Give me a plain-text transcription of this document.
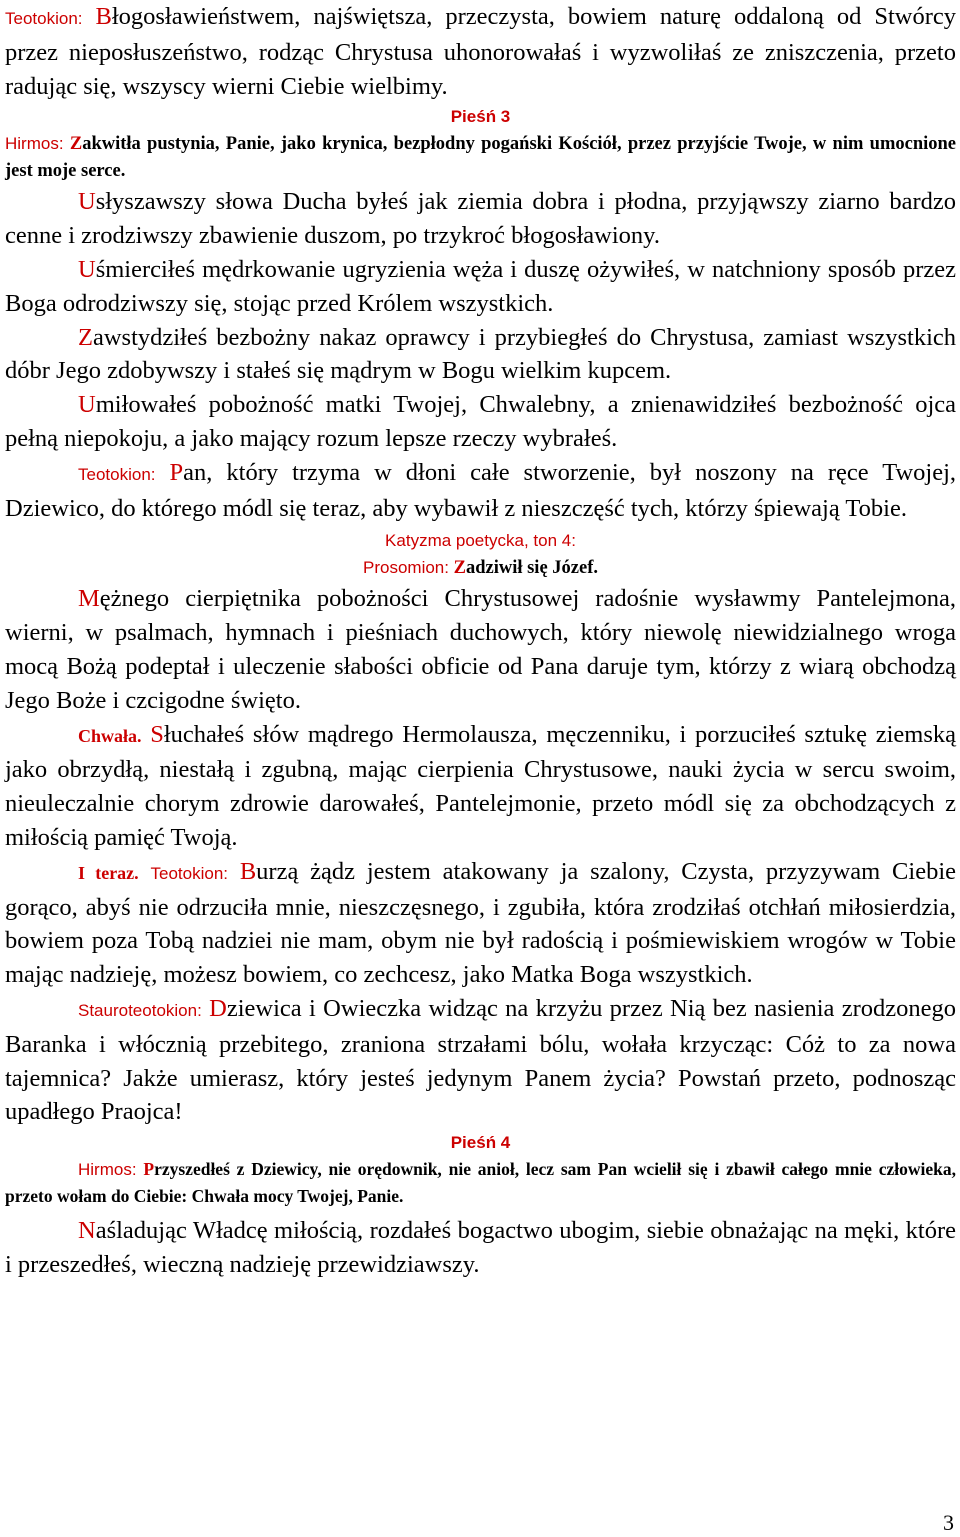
Teotokion: Błogosławieństwem, najświętsza, przeczysta, bowiem naturę oddaloną od Stwórcy przez nieposłuszeństwo, rodząc Chrystusa uhonorowałaś i wyzwoliłaś ze zniszczenia, przeto radując się, wszyscy wierni Ciebie wielbimy.

Pieśń 3

Hirmos: Zakwitła pustynia, Panie, jako krynica, bezpłodny pogański Kościół, przez przyjście Twoje, w nim umocnione jest moje serce.

Usłyszawszy słowa Ducha byłeś jak ziemia dobra i płodna, przyjąwszy ziarno bardzo cenne i zrodziwszy zbawienie duszom, po trzykroć błogosławiony.

Uśmierciłeś mędrkowanie ugryzienia węża i duszę ożywiłeś, w natchniony sposób przez Boga odrodziwszy się, stojąc przed Królem wszystkich.

Zawstydziłeś bezbożny nakaz oprawcy i przybiegłeś do Chrystusa, zamiast wszystkich dóbr Jego zdobywszy i stałeś się mądrym w Bogu wielkim kupcem.

Umiłowałeś pobożność matki Twojej, Chwalebny, a znienawidziłeś bezbożność ojca pełną niepokoju, a jako mający rozum lepsze rzeczy wybrałeś.

Teotokion: Pan, który trzyma w dłoni całe stworzenie, był noszony na ręce Twojej, Dziewico, do którego módl się teraz, aby wybawił z nieszczęść tych, którzy śpiewają Tobie.

Katyzma poetycka, ton 4:

Prosomion: Zadziwił się Józef.

Mężnego cierpiętnika pobożności Chrystusowej radośnie wysławmy Pantelejmona, wierni, w psalmach, hymnach i pieśniach duchowych, który niewolę niewidzialnego wroga mocą Bożą podeptał i uleczenie słabości obficie od Pana daruje tym, którzy z wiarą obchodzą Jego Boże i czcigodne święto.

Chwała. Słuchałeś słów mądrego Hermolausza, męczenniku, i porzuciłeś sztukę ziemską jako obrzydłą, niestałą i zgubną, mając cierpienia Chrystusowe, nauki życia w sercu swoim, nieuleczalnie chorym zdrowie darowałeś, Pantelejmonie, przeto módl się za obchodzących z miłością pamięć Twoją.

I teraz. Teotokion: Burzą żądz jestem atakowany ja szalony, Czysta, przyzywam Ciebie gorąco, abyś nie odrzuciła mnie, nieszczęsnego, i zgubiła, która zrodziłaś otchłań miłosierdzia, bowiem poza Tobą nadziei nie mam, obym nie był radością i pośmiewiskiem wrogów w Tobie mając nadzieję, możesz bowiem, co zechcesz, jako Matka Boga wszystkich.

Stauroteotokion: Dziewica i Owieczka widząc na krzyżu przez Nią bez nasienia zrodzonego Baranka i włócznią przebitego, zraniona strzałami bólu, wołała krzycząc: Cóż to za nowa tajemnica? Jakże umierasz, który jesteś jedynym Panem życia? Powstań przeto, podnosząc upadłego Praojca!

Pieśń 4

Hirmos: Przyszedłeś z Dziewicy, nie orędownik, nie anioł, lecz sam Pan wcielił się i zbawił całego mnie człowieka, przeto wołam do Ciebie: Chwała mocy Twojej, Panie.

Naśladując Władcę miłością, rozdałeś bogactwo ubogim, siebie obnażając na męki, które i przeszedłeś, wieczną nadzieję przewidziawszy.

3
